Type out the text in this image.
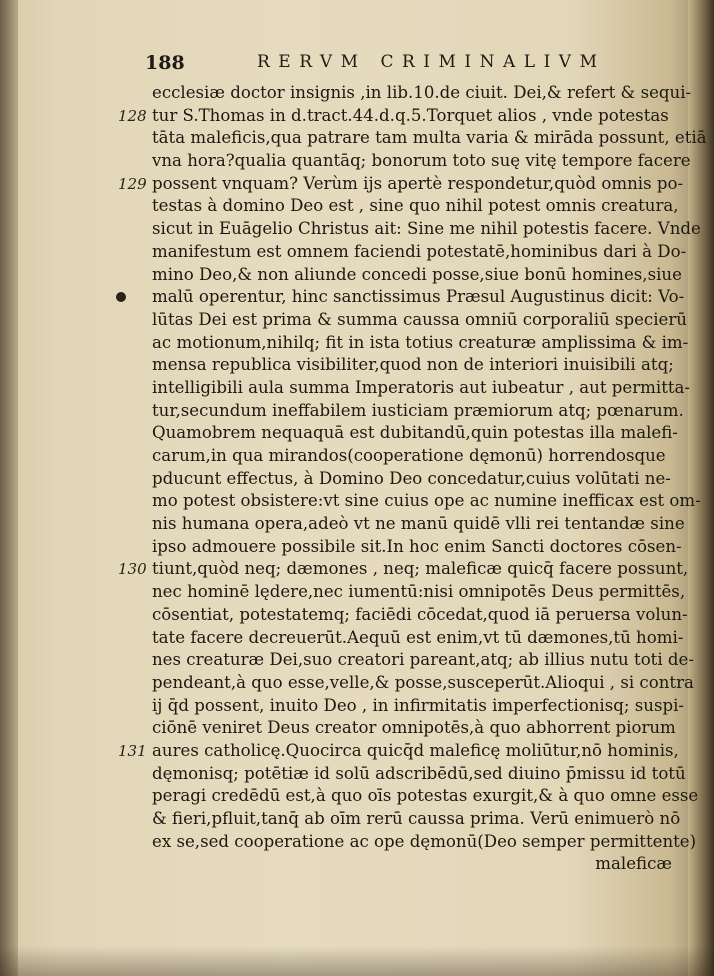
188	RERVM CRIMINALIVM
ecclesiæ doctor insignis ,in lib.10.de ciuit. Dei,& refert & sequi-
128 tur S.Thomas in d.tract.44.d.q.5.Torquet alios , vnde potestas
tāta maleficis,qua patrare tam multa varia & mirāda possunt, etiā
vna hora?qualia quantāq; bonorum toto suę vitę tempore facere
129 possent vnquam? Verùm ijs apertè respondetur,quòd omnis po-
testas à domino Deo est , sine quo nihil potest omnis creatura,
sicut in Euāgelio Christus ait: Sine me nihil potestis facere. Vnde
manifestum est omnem faciendi potestatē,hominibus dari à Do-
mino Deo,& non aliunde concedi posse,siue bonū homines,siue
malū operentur, hinc sanctissimus Præsul Augustinus dicit: Vo-
lūtas Dei est prima & summa caussa omniū corporaliū specierū
ac motionum,nihilq; fit in ista totius creaturæ amplissima & im-
mensa republica visibiliter,quod non de interiori inuisibili atq;
intelligibili aula summa Imperatoris aut iubeatur , aut permitta-
tur,secundum ineffabilem iusticiam præmiorum atq; pœnarum.
Quamobrem nequaquā est dubitandū,quin potestas illa malefi-
carum,in qua mirandos(cooperatione dęmonū) horrendosque
pducunt effectus, à Domino Deo concedatur,cuius volūtati ne-
mo potest obsistere:vt sine cuius ope ac numine inefficax est om-
nis humana opera,adeò vt ne manū quidē vlli rei tentandæ sine
ipso admouere possibile sit.In hoc enim Sancti doctores cōsen-
130 tiunt,quòd neq; dæmones , neq; maleficæ quicq̄ facere possunt,
nec hominē lędere,nec iumentū:nisi omnipotēs Deus permittēs,
cōsentiat, potestatemq; faciēdi cōcedat,quod iā peruersa volun-
tate facere decreuerūt.Aequū est enim,vt tū dæmones,tū homi-
nes creaturæ Dei,suo creatori pareant,atq; ab illius nutu toti de-
pendeant,à quo esse,velle,& posse,susceperūt.Alioqui , si contra
ij q̄d possent, inuito Deo , in infirmitatis imperfectionisq; suspi-
ciōnē veniret Deus creator omnipotēs,à quo abhorrent piorum
131 aures catholicę.Quocirca quicq̄d maleficę moliūtur,nō hominis,
dęmonisq; potētiæ id solū adscribēdū,sed diuino p̄missu id totū
peragi credēdū est,à quo oīs potestas exurgit,& à quo omne esse
& fieri,pfluit,tanq̄ ab oīm rerū caussa prima. Verū enimuerò nō
ex se,sed cooperatione ac ope dęmonū(Deo semper permittente)
maleficæ
